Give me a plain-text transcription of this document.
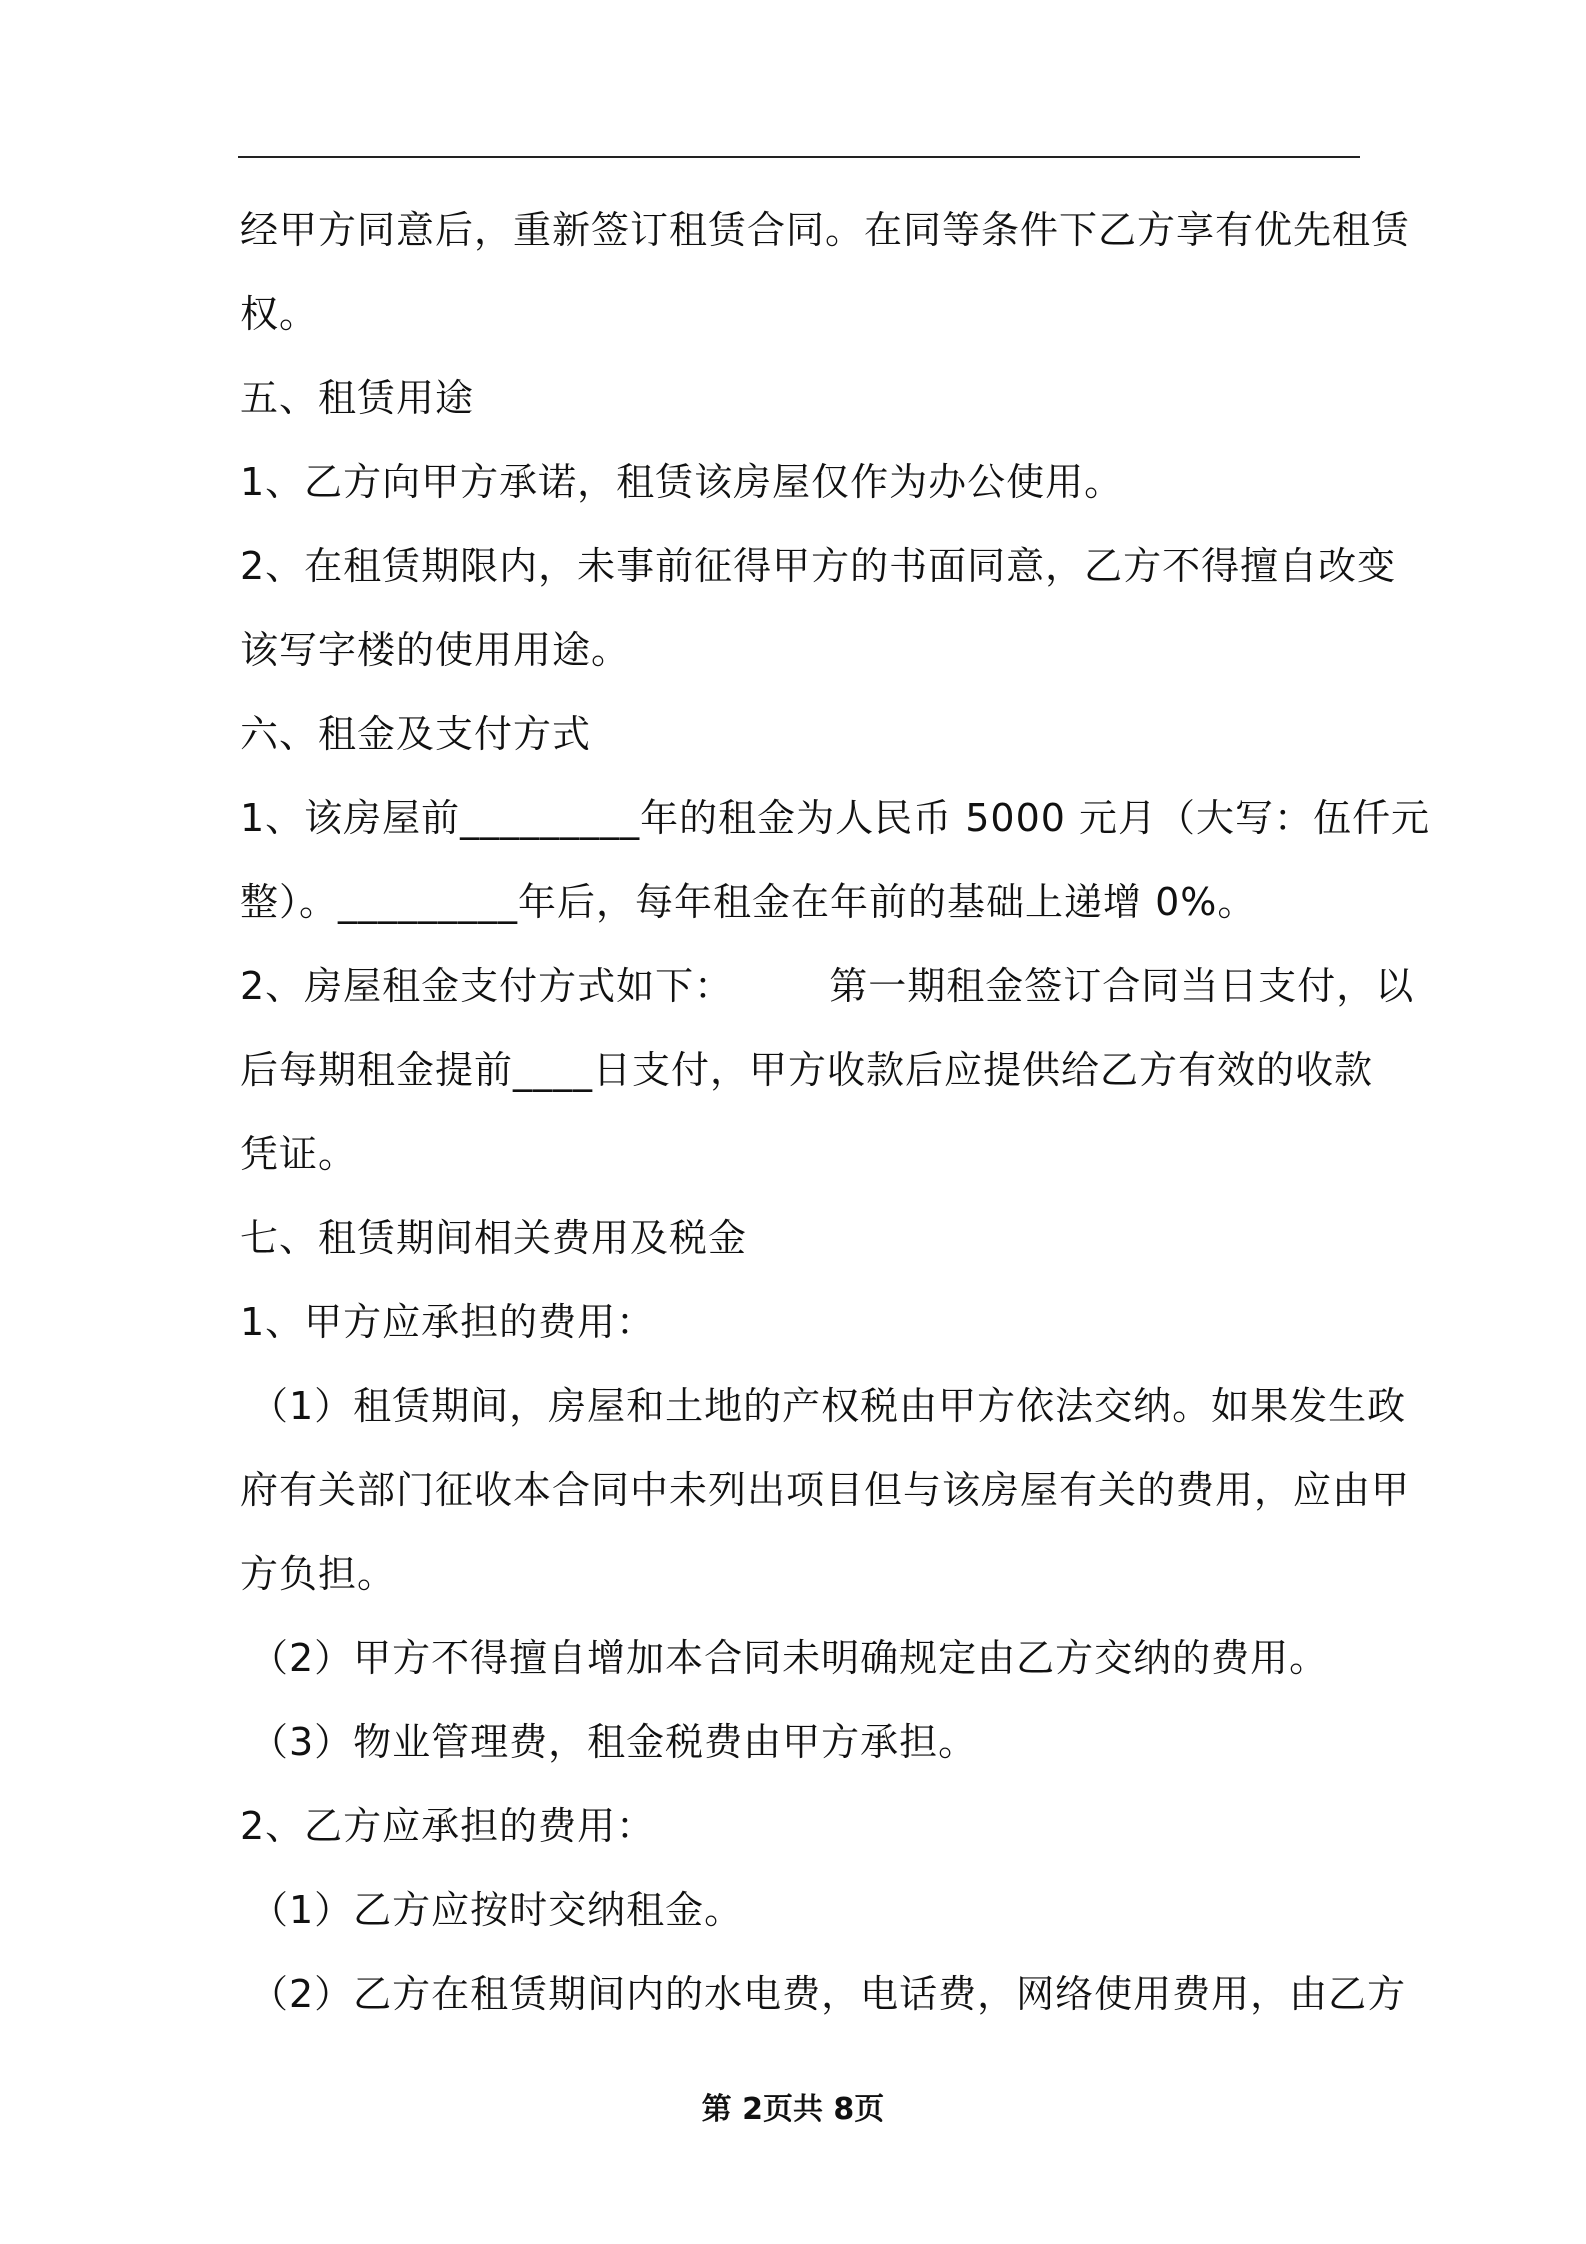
经甲方同意后，重新签订租赁合同。在同等条件下乙方享有优先租赁
权。
五、租赁用途
1、乙方向甲方承诺，租赁该房屋仅作为办公使用。
2、在租赁期限内，未事前征得甲方的书面同意，乙方不得擅自改变
该写字楼的使用用途。
六、租金及支付方式
1、该房屋前_________年的租金为人民币 5000 元月（大写：伍仟元
整）。_________年后，每年租金在年前的基础上递增 0%。
2、房屋租金支付方式如下：	第一期租金签订合同当日支付，以
后每期租金提前____日支付，甲方收款后应提供给乙方有效的收款
凭证。
七、租赁期间相关费用及税金
1、甲方应承担的费用：
（1）租赁期间，房屋和土地的产权税由甲方依法交纳。如果发生政
府有关部门征收本合同中未列出项目但与该房屋有关的费用，应由甲
方负担。
（2）甲方不得擅自增加本合同未明确规定由乙方交纳的费用。
（3）物业管理费，租金税费由甲方承担。
2、乙方应承担的费用：
（1）乙方应按时交纳租金。
（2）乙方在租赁期间内的水电费，电话费，网络使用费用，由乙方
第 2页共 8页
